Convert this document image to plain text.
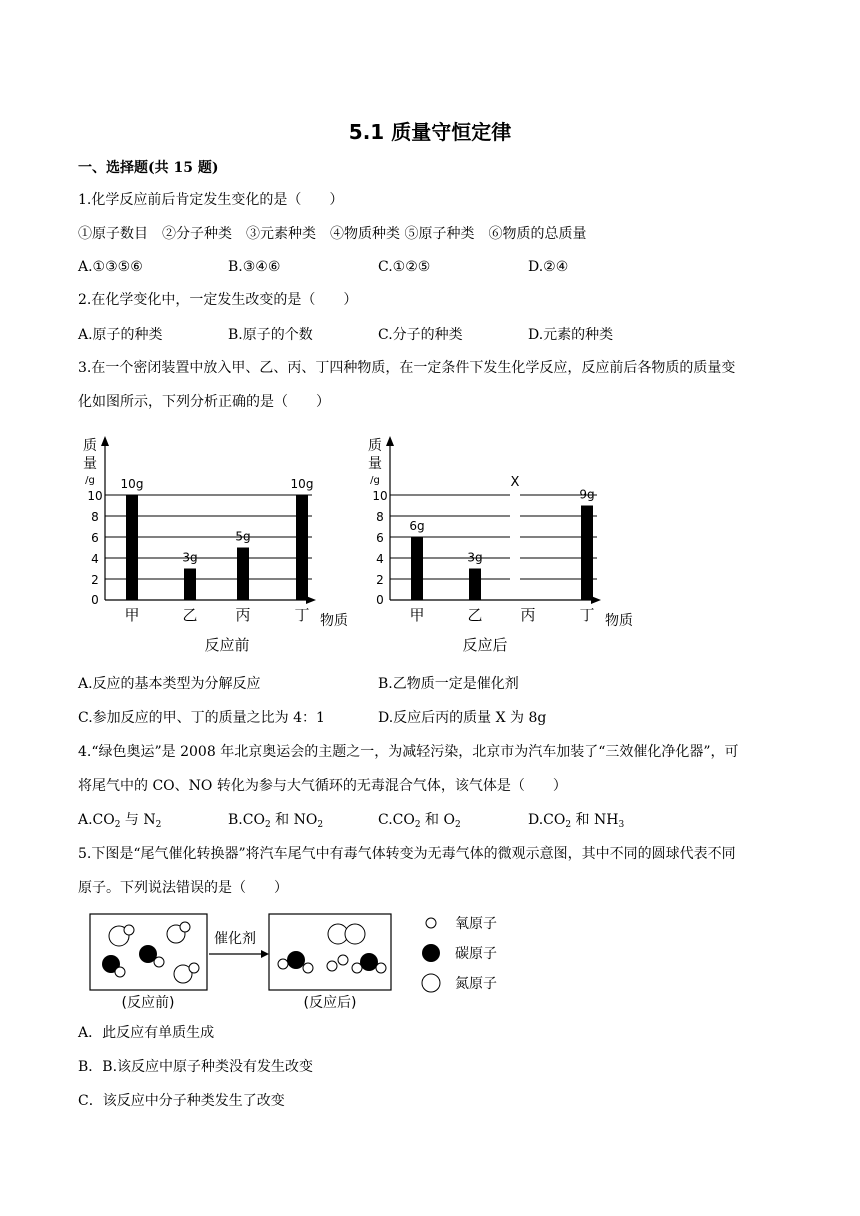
5.1 质量守恒定律
一、选择题(共 15 题)
1.化学反应前后肯定发生变化的是（　　）
①原子数目　②分子种类　③元素种类　④物质种类 ⑤原子种类　⑥物质的总质量
A.①③⑤⑥	B.③④⑥	C.①②⑤	D.②④
2.在化学变化中，一定发生改变的是（　　）
A.原子的种类	B.原子的个数	C.分子的种类	D.元素的种类
3.在一个密闭装置中放入甲、乙、丙、丁四种物质，在一定条件下发生化学反应，反应前后各物质的质量变
化如图所示，下列分析正确的是（　　）
质
量
/g
0
2
4
6
8
10
10g
甲
3g
乙
5g
丙
10g
丁 物质
反应前
质
量
/g
0
2
4
6
8
10
6g
甲
3g
乙
X
丙
9g
丁 物质
反应后
A.反应的基本类型为分解反应	B.乙物质一定是催化剂
C.参加反应的甲、丁的质量之比为 4：1	D.反应后丙的质量 X 为 8g
4.“绿色奥运”是 2008 年北京奥运会的主题之一，为减轻污染，北京市为汽车加装了“三效催化净化器”，可
将尾气中的 CO、NO 转化为参与大气循环的无毒混合气体，该气体是（　　）
$A.CO_2$ 与 $N_2$	$B.CO_2$ 和 $NO_2$	$C.CO_2$ 和 $O_2$	$D.CO_2$ 和 $NH_3$
5.下图是“尾气催化转换器”将汽车尾气中有毒气体转变为无毒气体的微观示意图，其中不同的圆球代表不同
原子。下列说法错误的是（　　）
(反应前)
催化剂
(反应后)
氧原子
碳原子
氮原子
A．此反应有单质生成
B．B.该反应中原子种类没有发生改变
C．该反应中分子种类发生了改变
